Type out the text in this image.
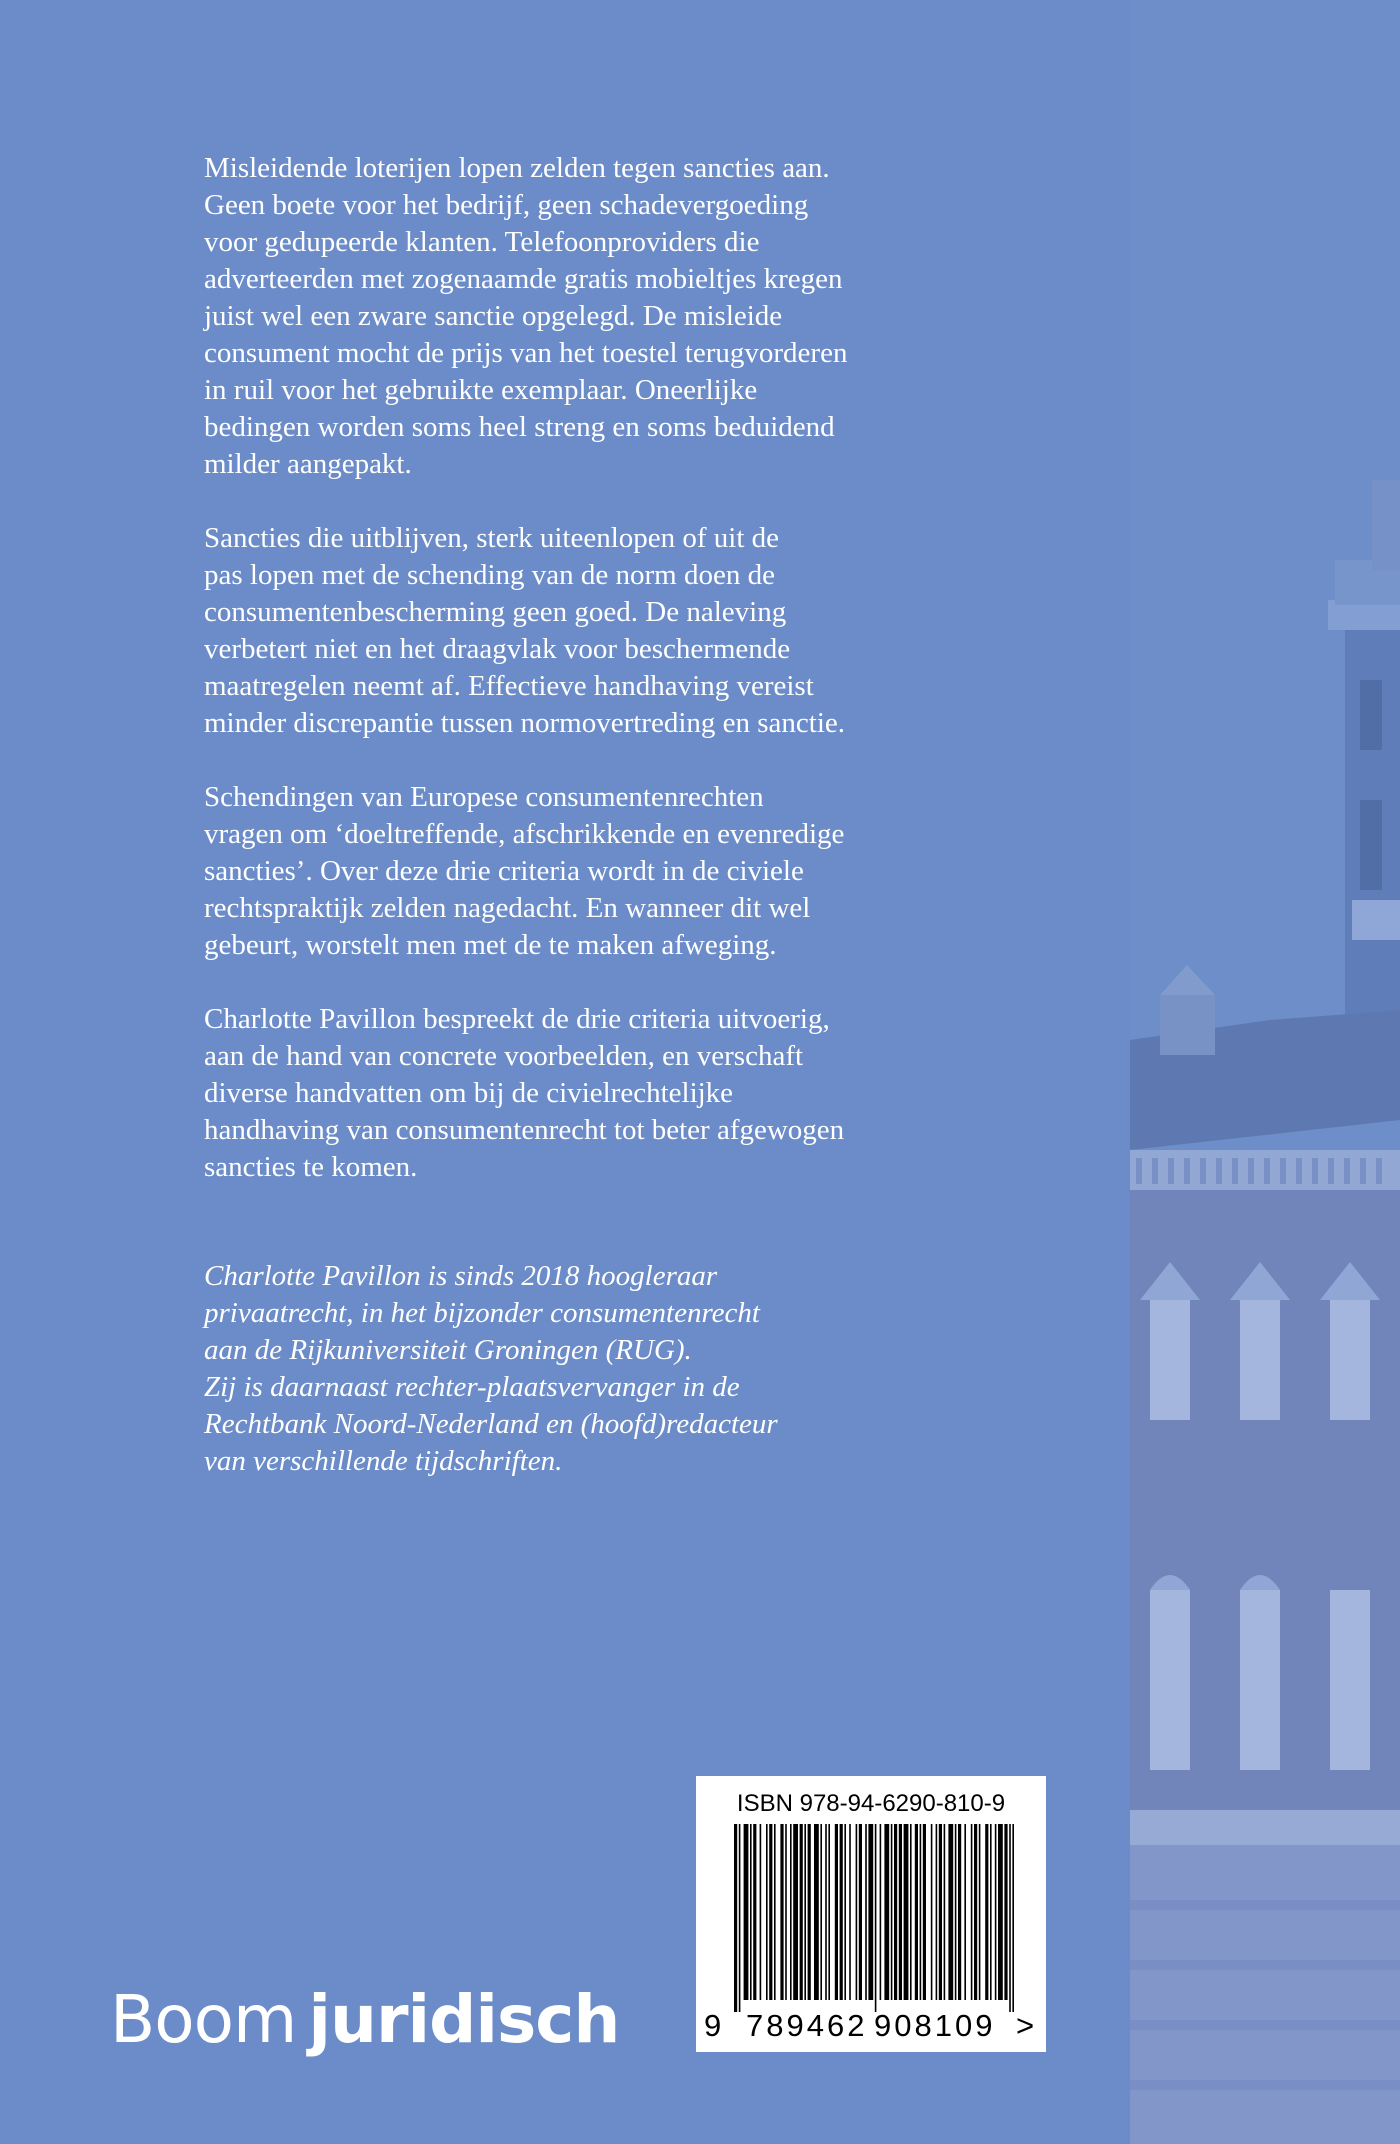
Misleidende loterijen lopen zelden tegen sancties aan.
Geen boete voor het bedrijf, geen schadevergoeding
voor gedupeerde klanten. Telefoonproviders die
adverteerden met zogenaamde gratis mobieltjes kregen
juist wel een zware sanctie opgelegd. De misleide
consument mocht de prijs van het toestel terugvorderen
in ruil voor het gebruikte exemplaar. Oneerlijke
bedingen worden soms heel streng en soms beduidend
milder aangepakt.

Sancties die uitblijven, sterk uiteenlopen of uit de
pas lopen met de schending van de norm doen de
consumentenbescherming geen goed. De naleving
verbetert niet en het draagvlak voor beschermende
maatregelen neemt af. Effectieve handhaving vereist
minder discrepantie tussen normovertreding en sanctie.

Schendingen van Europese consumentenrechten
vragen om ‘doeltreffende, afschrikkende en evenredige
sancties’. Over deze drie criteria wordt in de civiele
rechtspraktijk zelden nagedacht. En wanneer dit wel
gebeurt, worstelt men met de te maken afweging.

Charlotte Pavillon bespreekt de drie criteria uitvoerig,
aan de hand van concrete voorbeelden, en verschaft
diverse handvatten om bij de civielrechtelijke
handhaving van consumentenrecht tot beter afgewogen
sancties te komen.

Charlotte Pavillon is sinds 2018 hoogleraar
privaatrecht, in het bijzonder consumentenrecht
aan de Rijkuniversiteit Groningen (RUG).
Zij is daarnaast rechter-plaatsvervanger in de
Rechtbank Noord-Nederland en (hoofd)redacteur
van verschillende tijdschriften.

Boom juridisch
ISBN 978-94-6290-810-9
9 789462 908109 >
